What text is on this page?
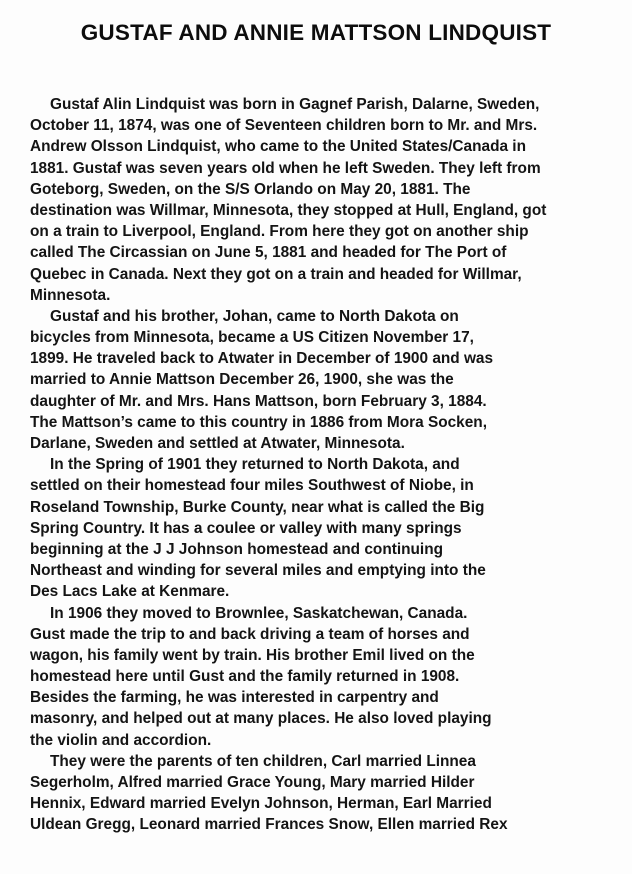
GUSTAF AND ANNIE MATTSON LINDQUIST
Gustaf Alin Lindquist was born in Gagnef Parish, Dalarne, Sweden,
October 11, 1874, was one of Seventeen children born to Mr. and Mrs.
Andrew Olsson Lindquist, who came to the United States/Canada in
1881. Gustaf was seven years old when he left Sweden. They left from
Goteborg, Sweden, on the S/S Orlando on May 20, 1881. The
destination was Willmar, Minnesota, they stopped at Hull, England, got
on a train to Liverpool, England. From here they got on another ship
called The Circassian on June 5, 1881 and headed for The Port of
Quebec in Canada. Next they got on a train and headed for Willmar,
Minnesota.
Gustaf and his brother, Johan, came to North Dakota on
bicycles from Minnesota, became a US Citizen November 17,
1899. He traveled back to Atwater in December of 1900 and was
married to Annie Mattson December 26, 1900, she was the
daughter of Mr. and Mrs. Hans Mattson, born February 3, 1884.
The Mattson’s came to this country in 1886 from Mora Socken,
Darlane, Sweden and settled at Atwater, Minnesota.
In the Spring of 1901 they returned to North Dakota, and
settled on their homestead four miles Southwest of Niobe, in
Roseland Township, Burke County, near what is called the Big
Spring Country. It has a coulee or valley with many springs
beginning at the J J Johnson homestead and continuing
Northeast and winding for several miles and emptying into the
Des Lacs Lake at Kenmare.
In 1906 they moved to Brownlee, Saskatchewan, Canada.
Gust made the trip to and back driving a team of horses and
wagon, his family went by train. His brother Emil lived on the
homestead here until Gust and the family returned in 1908.
Besides the farming, he was interested in carpentry and
masonry, and helped out at many places. He also loved playing
the violin and accordion.
They were the parents of ten children, Carl married Linnea
Segerholm, Alfred married Grace Young, Mary married Hilder
Hennix, Edward married Evelyn Johnson, Herman, Earl Married
Uldean Gregg, Leonard married Frances Snow, Ellen married Rex
